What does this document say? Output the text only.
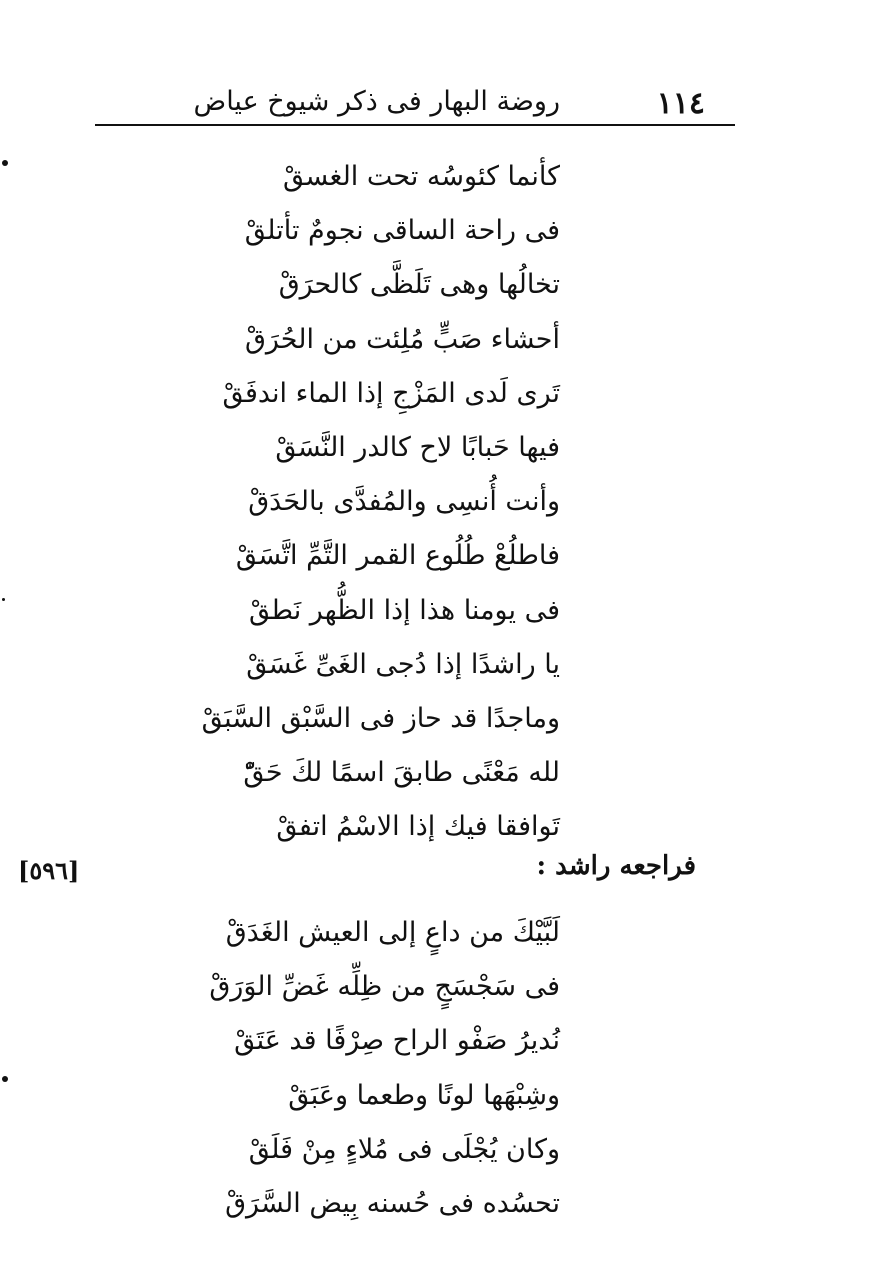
١١٤
روضة البهار فى ذكر شيوخ عياض
كأنما كئوسُه تحت الغسقْ
فى راحة الساقى نجومٌ تأتلقْ
تخالُها وهى تَلَظَّى كالحرَقْ
أحشاء صَبٍّ مُلِئت من الحُرَقْ
تَرى لَدى المَزْجِ إذا الماء اندفَقْ
فيها حَبابًا لاح كالدر النَّسَقْ
وأنت أُنسِى والمُفدَّى بالحَدَقْ
فاطلُعْ طُلُوع القمر التَّمِّ اتَّسَقْ
فى يومنا هذا إذا الظُّهر نَطقْ
يا راشدًا إذا دُجى الغَىِّ غَسَقْ
وماجدًا قد حاز فى السَّبْق السَّبَقْ
لله مَعْنًى طابقَ اسمًا لكَ حَقّْ
تَوافقا فيك إذا الاسْمُ اتفقْ
فراجعه راشد :
[٥٩٦]
لَبَّيْكَ من داعٍ إلى العيش الغَدَقْ
فى سَجْسَجٍ من ظِلِّه غَضِّ الوَرَقْ
نُديرُ صَفْو الراح صِرْفًا قد عَتَقْ
وشِبْهَها لونًا وطعما وعَبَقْ
وكان يُجْلَى فى مُلاءٍ مِنْ فَلَقْ
تحسُده فى حُسنه بِيض السَّرَقْ
